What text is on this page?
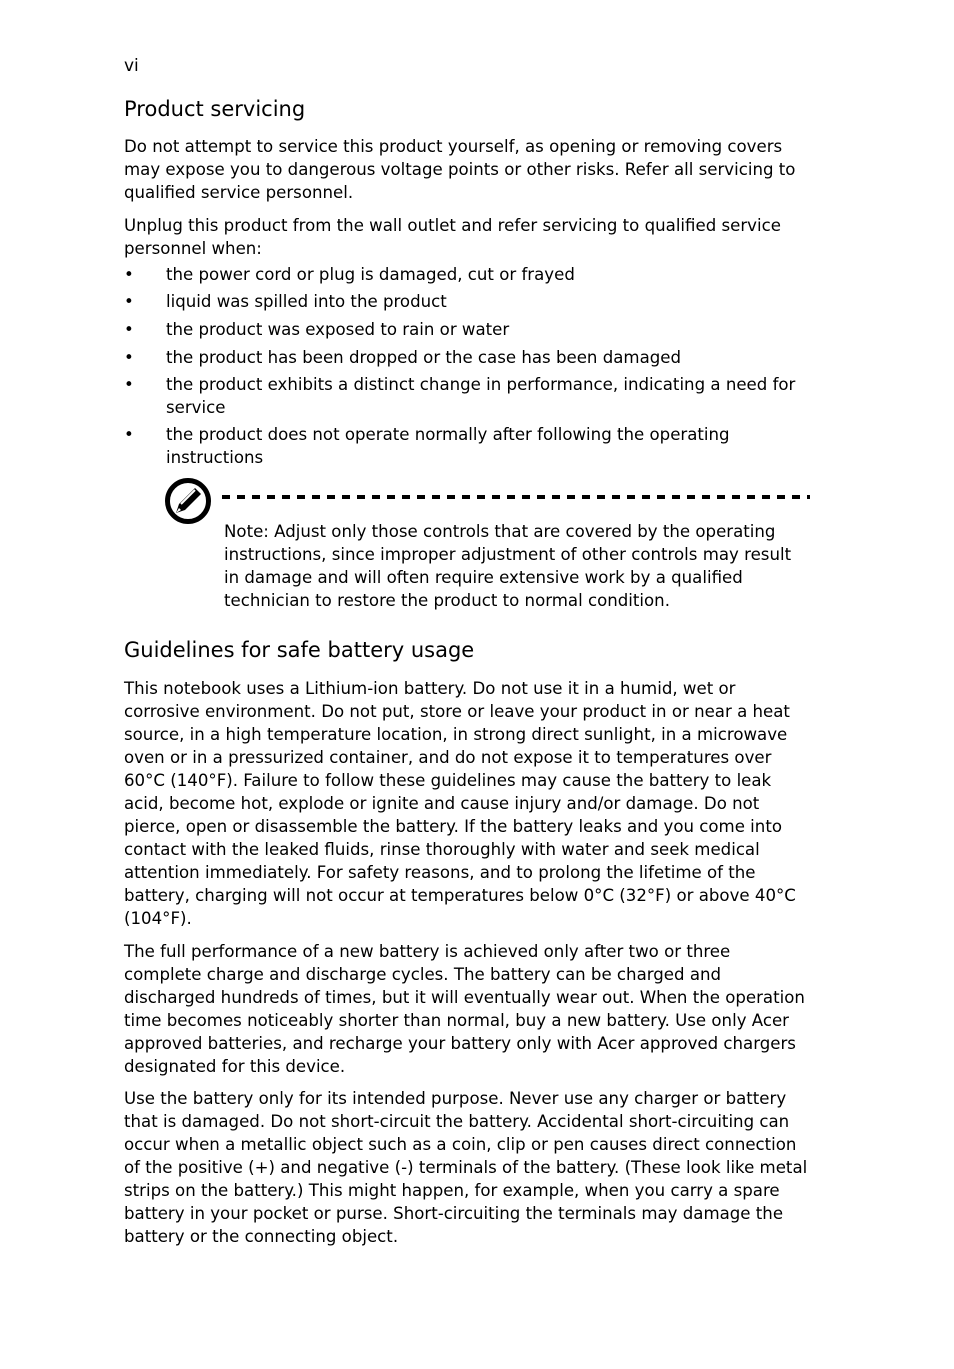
vi
Product servicing

Do not attempt to service this product yourself, as opening or removing covers may expose you to dangerous voltage points or other risks. Refer all servicing to qualified service personnel.

Unplug this product from the wall outlet and refer servicing to qualified service personnel when:

• the power cord or plug is damaged, cut or frayed
• liquid was spilled into the product
• the product was exposed to rain or water
• the product has been dropped or the case has been damaged
• the product exhibits a distinct change in performance, indicating a need for service
• the product does not operate normally after following the operating instructions

Note: Adjust only those controls that are covered by the operating instructions, since improper adjustment of other controls may result in damage and will often require extensive work by a qualified technician to restore the product to normal condition.

Guidelines for safe battery usage

This notebook uses a Lithium-ion battery. Do not use it in a humid, wet or corrosive environment. Do not put, store or leave your product in or near a heat source, in a high temperature location, in strong direct sunlight, in a microwave oven or in a pressurized container, and do not expose it to temperatures over 60°C (140°F). Failure to follow these guidelines may cause the battery to leak acid, become hot, explode or ignite and cause injury and/or damage. Do not pierce, open or disassemble the battery. If the battery leaks and you come into contact with the leaked fluids, rinse thoroughly with water and seek medical attention immediately. For safety reasons, and to prolong the lifetime of the battery, charging will not occur at temperatures below 0°C (32°F) or above 40°C (104°F).

The full performance of a new battery is achieved only after two or three complete charge and discharge cycles. The battery can be charged and discharged hundreds of times, but it will eventually wear out. When the operation time becomes noticeably shorter than normal, buy a new battery. Use only Acer approved batteries, and recharge your battery only with Acer approved chargers designated for this device.

Use the battery only for its intended purpose. Never use any charger or battery that is damaged. Do not short-circuit the battery. Accidental short-circuiting can occur when a metallic object such as a coin, clip or pen causes direct connection of the positive (+) and negative (-) terminals of the battery. (These look like metal strips on the battery.) This might happen, for example, when you carry a spare battery in your pocket or purse. Short-circuiting the terminals may damage the battery or the connecting object.
